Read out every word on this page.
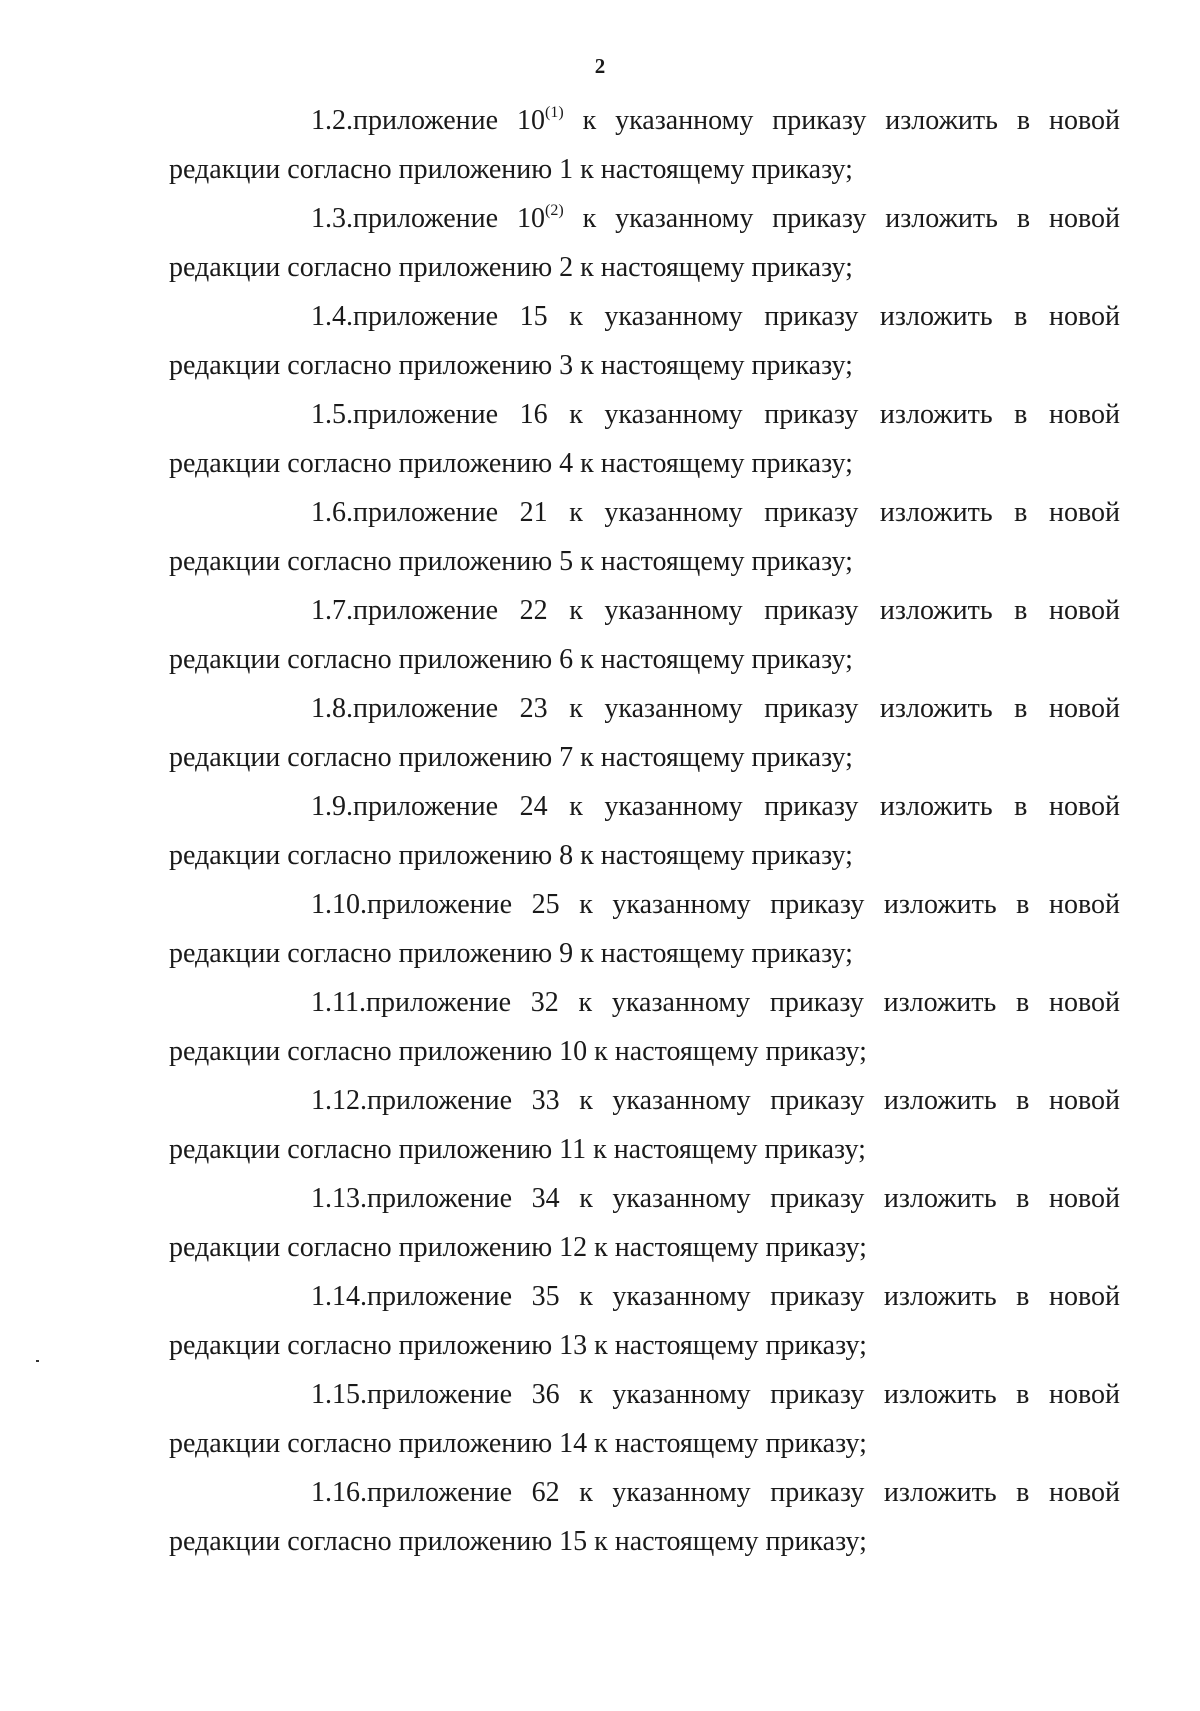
2

1.2.приложение 10$^{(1)}$ к указанному приказу изложить в новой редакции согласно приложению 1 к настоящему приказу;

1.3.приложение 10$^{(2)}$ к указанному приказу изложить в новой редакции согласно приложению 2 к настоящему приказу;

1.4.приложение 15 к указанному приказу изложить в новой редакции согласно приложению 3 к настоящему приказу;

1.5.приложение 16 к указанному приказу изложить в новой редакции согласно приложению 4 к настоящему приказу;

1.6.приложение 21 к указанному приказу изложить в новой редакции согласно приложению 5 к настоящему приказу;

1.7.приложение 22 к указанному приказу изложить в новой редакции согласно приложению 6 к настоящему приказу;

1.8.приложение 23 к указанному приказу изложить в новой редакции согласно приложению 7 к настоящему приказу;

1.9.приложение 24 к указанному приказу изложить в новой редакции согласно приложению 8 к настоящему приказу;

1.10.приложение 25 к указанному приказу изложить в новой редакции согласно приложению 9 к настоящему приказу;

1.11.приложение 32 к указанному приказу изложить в новой редакции согласно приложению 10 к настоящему приказу;

1.12.приложение 33 к указанному приказу изложить в новой редакции согласно приложению 11 к настоящему приказу;

1.13.приложение 34 к указанному приказу изложить в новой редакции согласно приложению 12 к настоящему приказу;

1.14.приложение 35 к указанному приказу изложить в новой редакции согласно приложению 13 к настоящему приказу;

1.15.приложение 36 к указанному приказу изложить в новой редакции согласно приложению 14 к настоящему приказу;

1.16.приложение 62 к указанному приказу изложить в новой редакции согласно приложению 15 к настоящему приказу;
